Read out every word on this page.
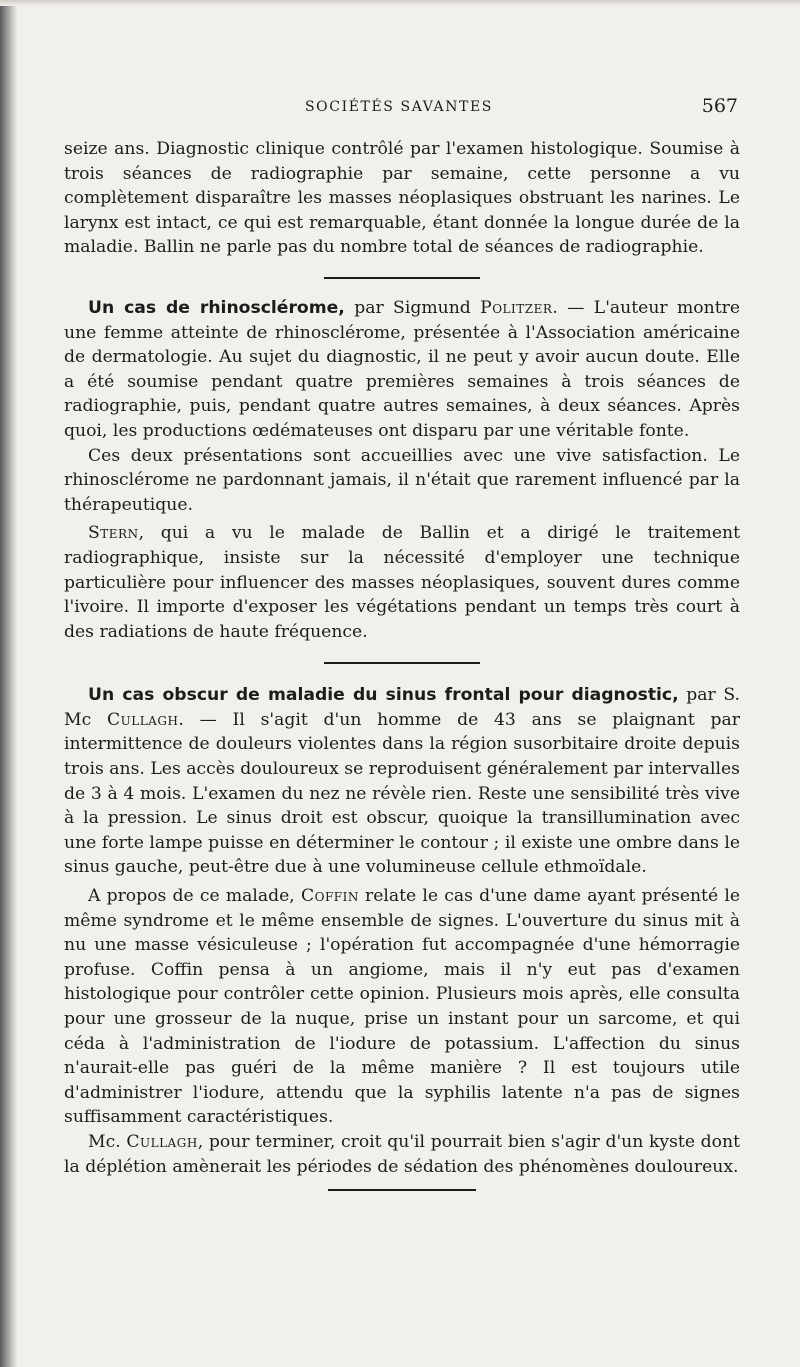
SOCIÉTÉS SAVANTES	567

seize ans. Diagnostic clinique contrôlé par l'examen histologique. Soumise à trois séances de radiographie par semaine, cette personne a vu complètement disparaître les masses néoplasiques obstruant les narines. Le larynx est intact, ce qui est remarquable, étant donnée la longue durée de la maladie. Ballin ne parle pas du nombre total de séances de radiographie.

Un cas de rhinosclérome, par Sigmund Politzer. — L'auteur montre une femme atteinte de rhinosclérome, présentée à l'Association américaine de dermatologie. Au sujet du diagnostic, il ne peut y avoir aucun doute. Elle a été soumise pendant quatre premières semaines à trois séances de radiographie, puis, pendant quatre autres semaines, à deux séances. Après quoi, les productions œdémateuses ont disparu par une véritable fonte.

Ces deux présentations sont accueillies avec une vive satisfaction. Le rhinosclérome ne pardonnant jamais, il n'était que rarement influencé par la thérapeutique.

Stern, qui a vu le malade de Ballin et a dirigé le traitement radiographique, insiste sur la nécessité d'employer une technique particulière pour influencer des masses néoplasiques, souvent dures comme l'ivoire. Il importe d'exposer les végétations pendant un temps très court à des radiations de haute fréquence.

Un cas obscur de maladie du sinus frontal pour diagnostic, par S. Mc Cullagh. — Il s'agit d'un homme de 43 ans se plaignant par intermittence de douleurs violentes dans la région susorbitaire droite depuis trois ans. Les accès douloureux se reproduisent généralement par intervalles de 3 à 4 mois. L'examen du nez ne révèle rien. Reste une sensibilité très vive à la pression. Le sinus droit est obscur, quoique la transillumination avec une forte lampe puisse en déterminer le contour ; il existe une ombre dans le sinus gauche, peut-être due à une volumineuse cellule ethmoïdale.

A propos de ce malade, Coffin relate le cas d'une dame ayant présenté le même syndrome et le même ensemble de signes. L'ouverture du sinus mit à nu une masse vésiculeuse ; l'opération fut accompagnée d'une hémorragie profuse. Coffin pensa à un angiome, mais il n'y eut pas d'examen histologique pour contrôler cette opinion. Plusieurs mois après, elle consulta pour une grosseur de la nuque, prise un instant pour un sarcome, et qui céda à l'administration de l'iodure de potassium. L'affection du sinus n'aurait-elle pas guéri de la même manière ? Il est toujours utile d'administrer l'iodure, attendu que la syphilis latente n'a pas de signes suffisamment caractéristiques.

Mc. Cullagh, pour terminer, croit qu'il pourrait bien s'agir d'un kyste dont la déplétion amènerait les périodes de sédation des phénomènes douloureux.
